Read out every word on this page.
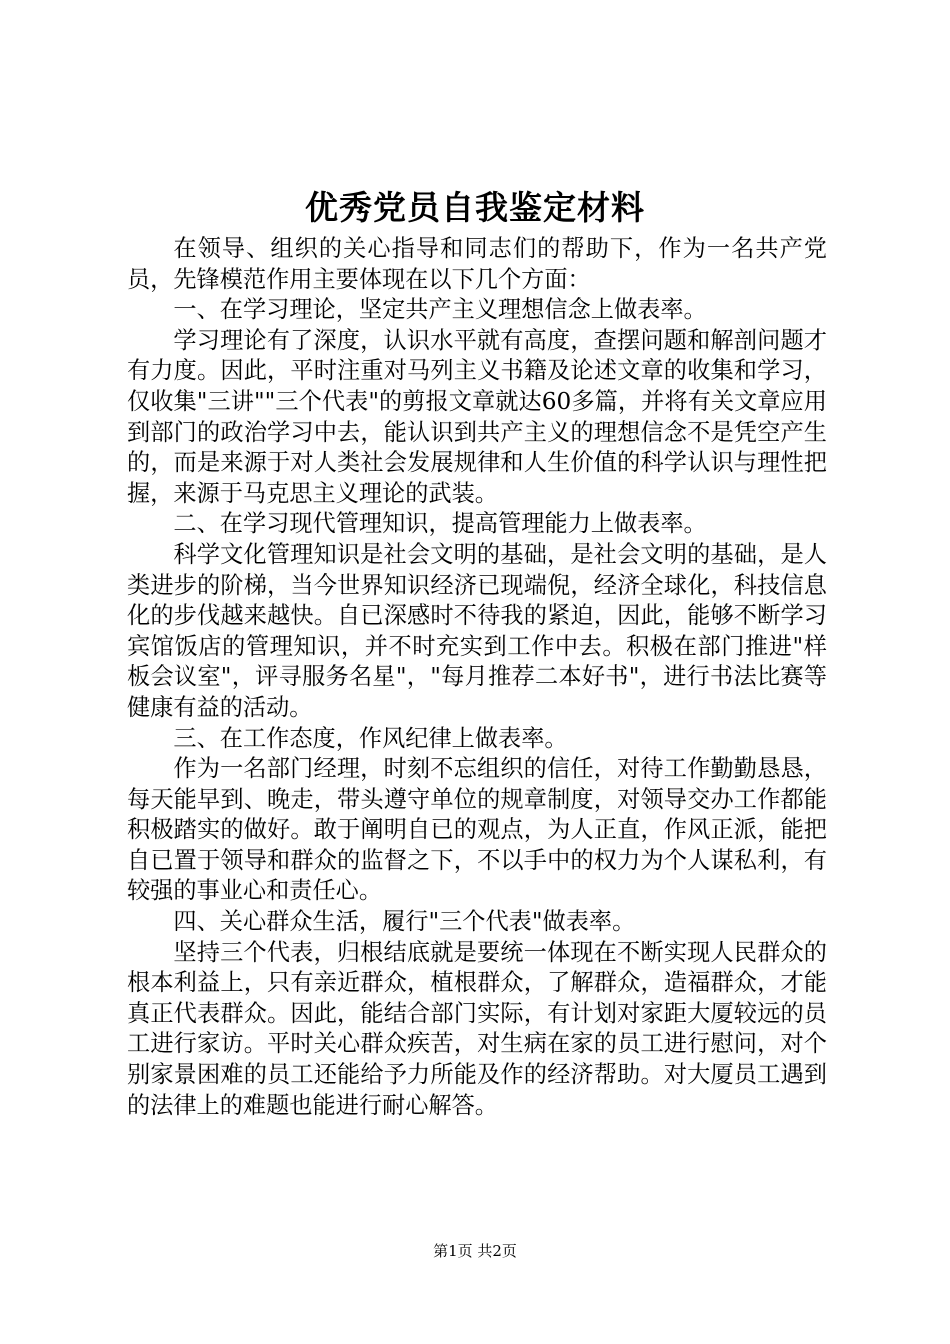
优秀党员自我鉴定材料

在领导、组织的关心指导和同志们的帮助下，作为一名共产党员，先锋模范作用主要体现在以下几个方面：

一、在学习理论，坚定共产主义理想信念上做表率。

学习理论有了深度，认识水平就有高度，查摆问题和解剖问题才有力度。因此，平时注重对马列主义书籍及论述文章的收集和学习，仅收集"三讲""三个代表"的剪报文章就达60多篇，并将有关文章应用到部门的政治学习中去，能认识到共产主义的理想信念不是凭空产生的，而是来源于对人类社会发展规律和人生价值的科学认识与理性把握，来源于马克思主义理论的武装。

二、在学习现代管理知识，提高管理能力上做表率。

科学文化管理知识是社会文明的基础，是社会文明的基础，是人类进步的阶梯，当今世界知识经济已现端倪，经济全球化，科技信息化的步伐越来越快。自已深感时不待我的紧迫，因此，能够不断学习宾馆饭店的管理知识，并不时充实到工作中去。积极在部门推进"样板会议室"，评寻服务名星"，"每月推荐二本好书"，进行书法比赛等健康有益的活动。

三、在工作态度，作风纪律上做表率。

作为一名部门经理，时刻不忘组织的信任，对待工作勤勤恳恳，每天能早到、晚走，带头遵守单位的规章制度，对领导交办工作都能积极踏实的做好。敢于阐明自已的观点，为人正直，作风正派，能把自已置于领导和群众的监督之下，不以手中的权力为个人谋私利，有较强的事业心和责任心。

四、关心群众生活，履行"三个代表"做表率。

坚持三个代表，归根结底就是要统一体现在不断实现人民群众的根本利益上，只有亲近群众，植根群众，了解群众，造福群众，才能真正代表群众。因此，能结合部门实际，有计划对家距大厦较远的员工进行家访。平时关心群众疾苦，对生病在家的员工进行慰问，对个别家景困难的员工还能给予力所能及作的经济帮助。对大厦员工遇到的法律上的难题也能进行耐心解答。

第1页 共2页
